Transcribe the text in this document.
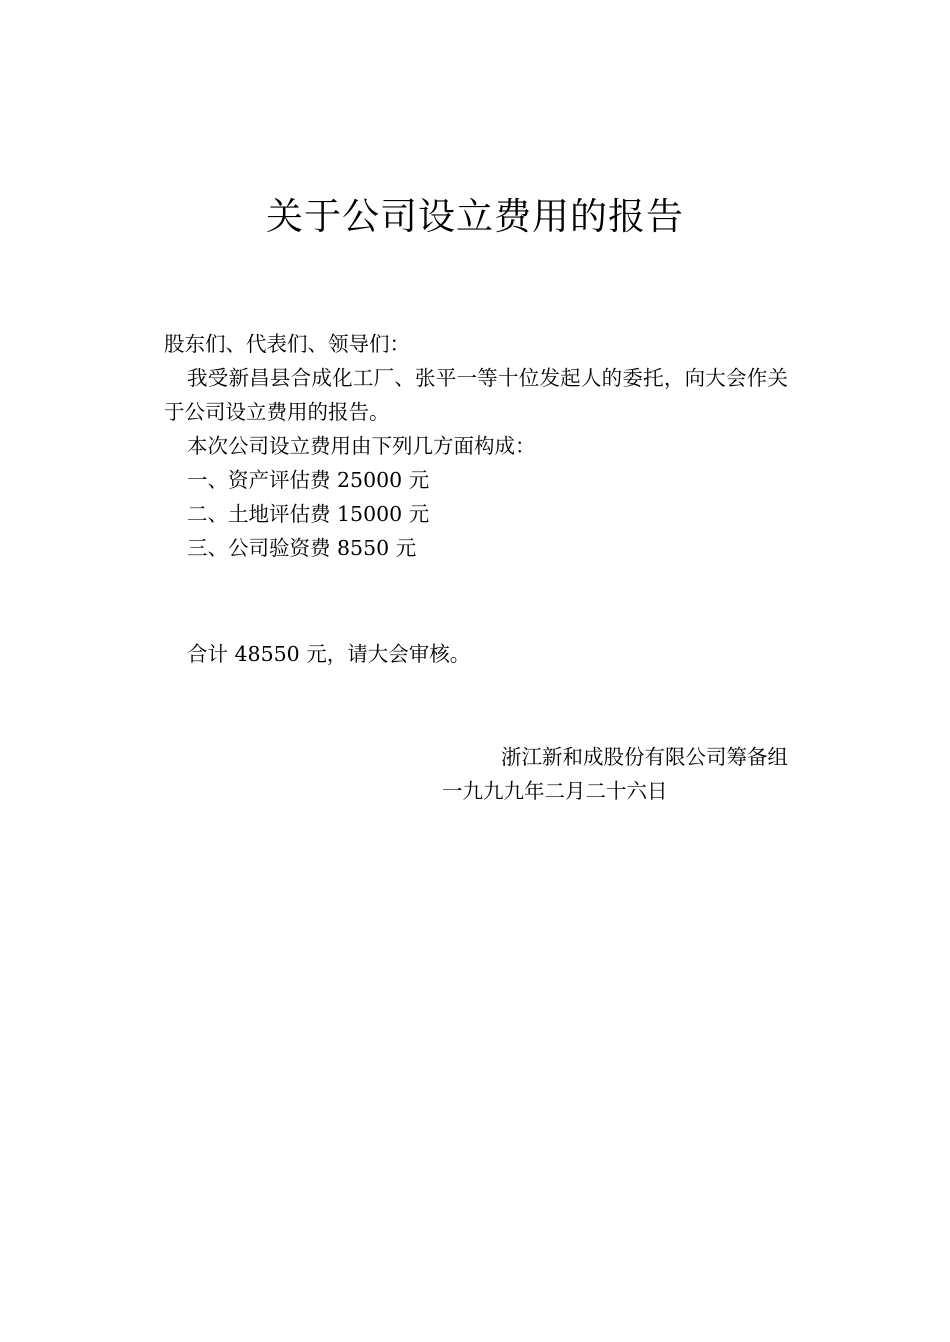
关于公司设立费用的报告
股东们、代表们、领导们：
我受新昌县合成化工厂、张平一等十位发起人的委托，向大会作关于公司设立费用的报告。
本次公司设立费用由下列几方面构成：
一、资产评估费 25000 元
二、土地评估费 15000 元
三、公司验资费 8550 元
合计 48550 元，请大会审核。
浙江新和成股份有限公司筹备组
一九九九年二月二十六日
